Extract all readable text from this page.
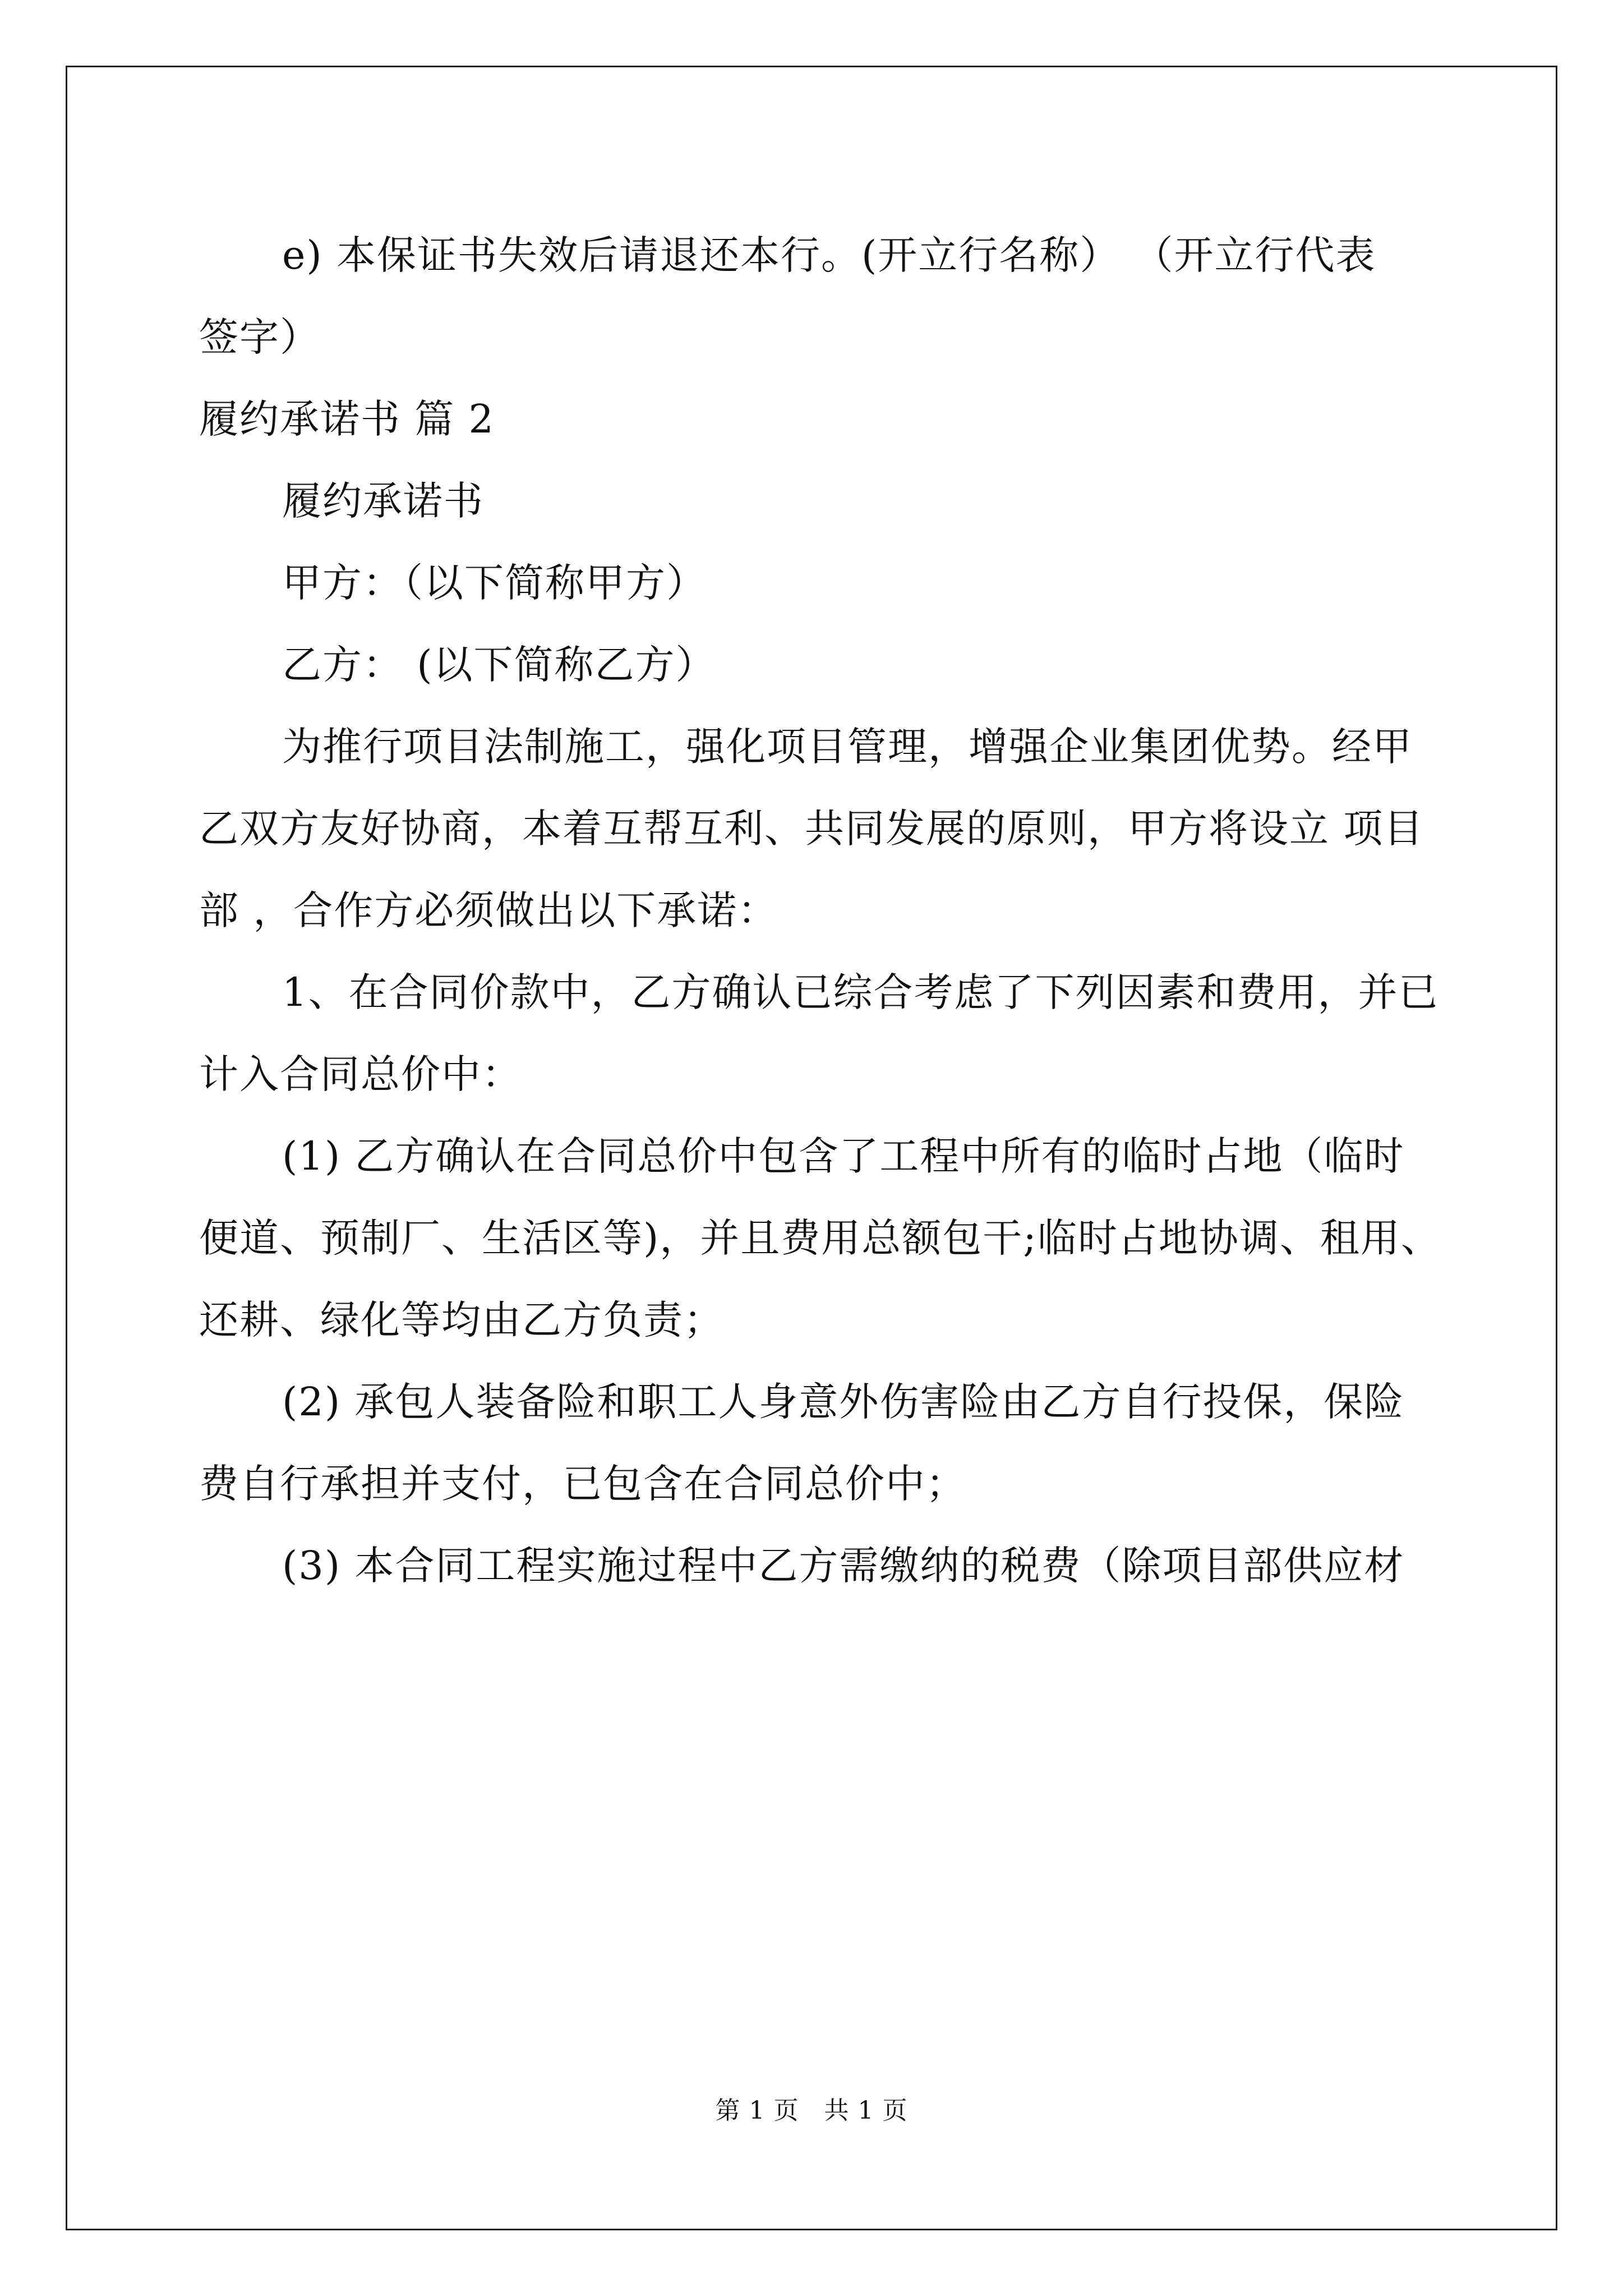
e) 本保证书失效后请退还本行。(开立行名称） （开立行代表
签字）
履约承诺书 篇 2
履约承诺书
甲方：（以下简称甲方）
乙方： (以下简称乙方）
为推行项目法制施工，强化项目管理，增强企业集团优势。经甲
乙双方友好协商，本着互帮互利、共同发展的原则，甲方将设立 项目
部 ，合作方必须做出以下承诺：
1、在合同价款中，乙方确认已综合考虑了下列因素和费用，并已
计入合同总价中：
(1) 乙方确认在合同总价中包含了工程中所有的临时占地（临时
便道、预制厂、生活区等)，并且费用总额包干;临时占地协调、租用、
还耕、绿化等均由乙方负责；
(2) 承包人装备险和职工人身意外伤害险由乙方自行投保，保险
费自行承担并支付，已包含在合同总价中；
(3) 本合同工程实施过程中乙方需缴纳的税费（除项目部供应材
第 1 页　共 1 页
